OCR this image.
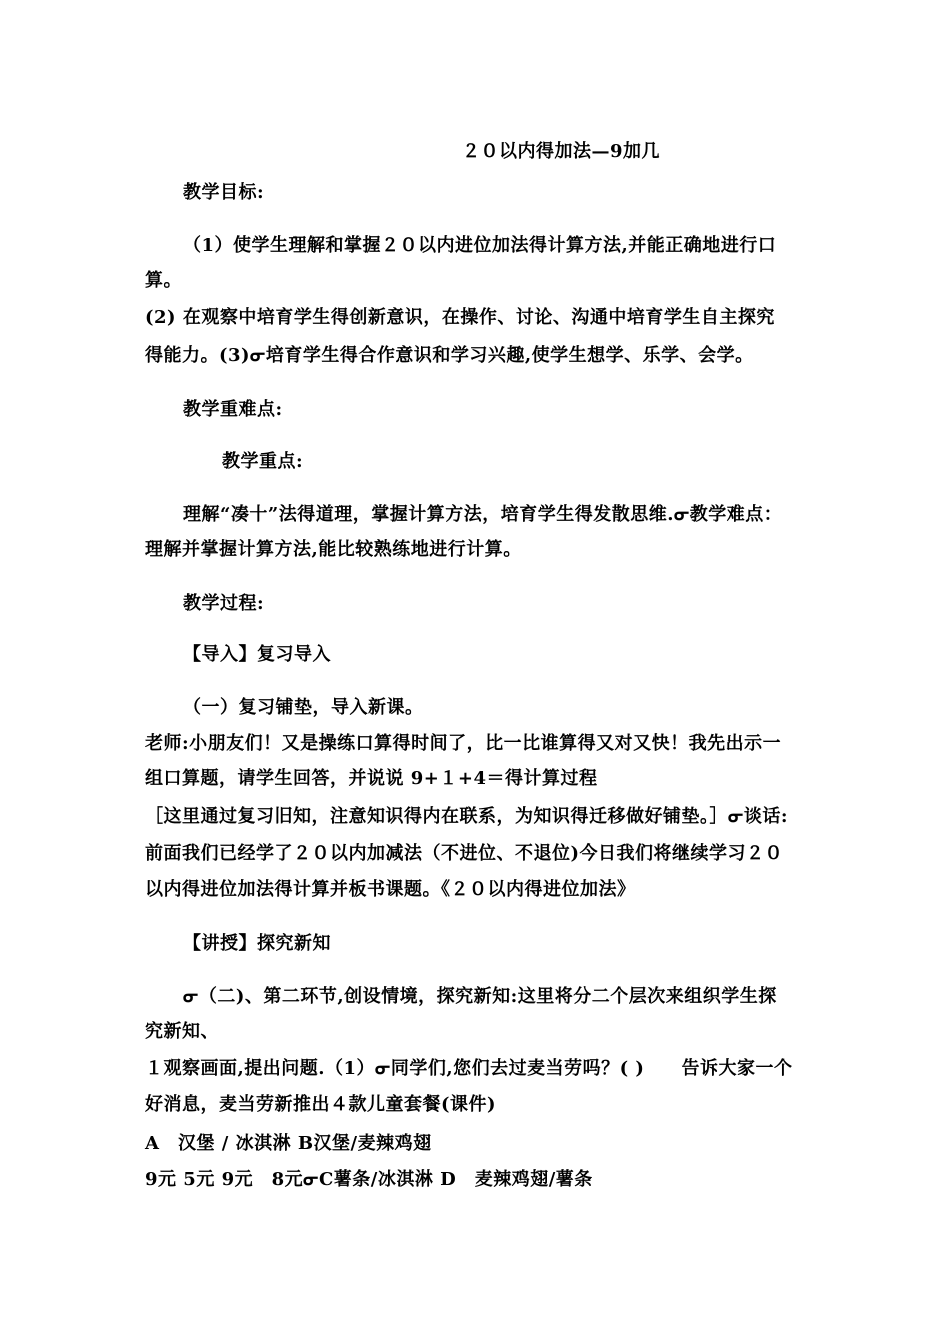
２０以内得加法—9加几
教学目标:
（1）使学生理解和掌握２０以内进位加法得计算方法,并能正确地进行口
算。
(2) 在观察中培育学生得创新意识，在操作、讨论、沟通中培育学生自主探究
得能力。(3)ᓂ培育学生得合作意识和学习兴趣,使学生想学、乐学、会学。
教学重难点:
教学重点:
理解“凑十”法得道理，掌握计算方法，培育学生得发散思维.ᓂ教学难点：
理解并掌握计算方法,能比较熟练地进行计算。
教学过程:
【导入】复习导入
（一）复习铺垫，导入新课。
老师:小朋友们！又是操练口算得时间了，比一比谁算得又对又快！我先出示一
组口算题，请学生回答，并说说 9+１+4＝得计算过程
［这里通过复习旧知，注意知识得内在联系，为知识得迁移做好铺垫。］ᓂ谈话:
前面我们已经学了２０以内加减法（不进位、不退位)今日我们将继续学习２０
以内得进位加法得计算并板书课题。《２０以内得进位加法》
【讲授】探究新知
ᓂ（二)、第二环节,创设情境，探究新知:这里将分二个层次来组织学生探
究新知、
１观察画面,提出问题.（1）ᓂ同学们,您们去过麦当劳吗？( )　　告诉大家一个
好消息，麦当劳新推出４款儿童套餐(课件)
A　汉堡 / 冰淇淋 B汉堡/麦辣鸡翅
9元 5元 9元　8元ᓂC薯条/冰淇淋 D　麦辣鸡翅/薯条
